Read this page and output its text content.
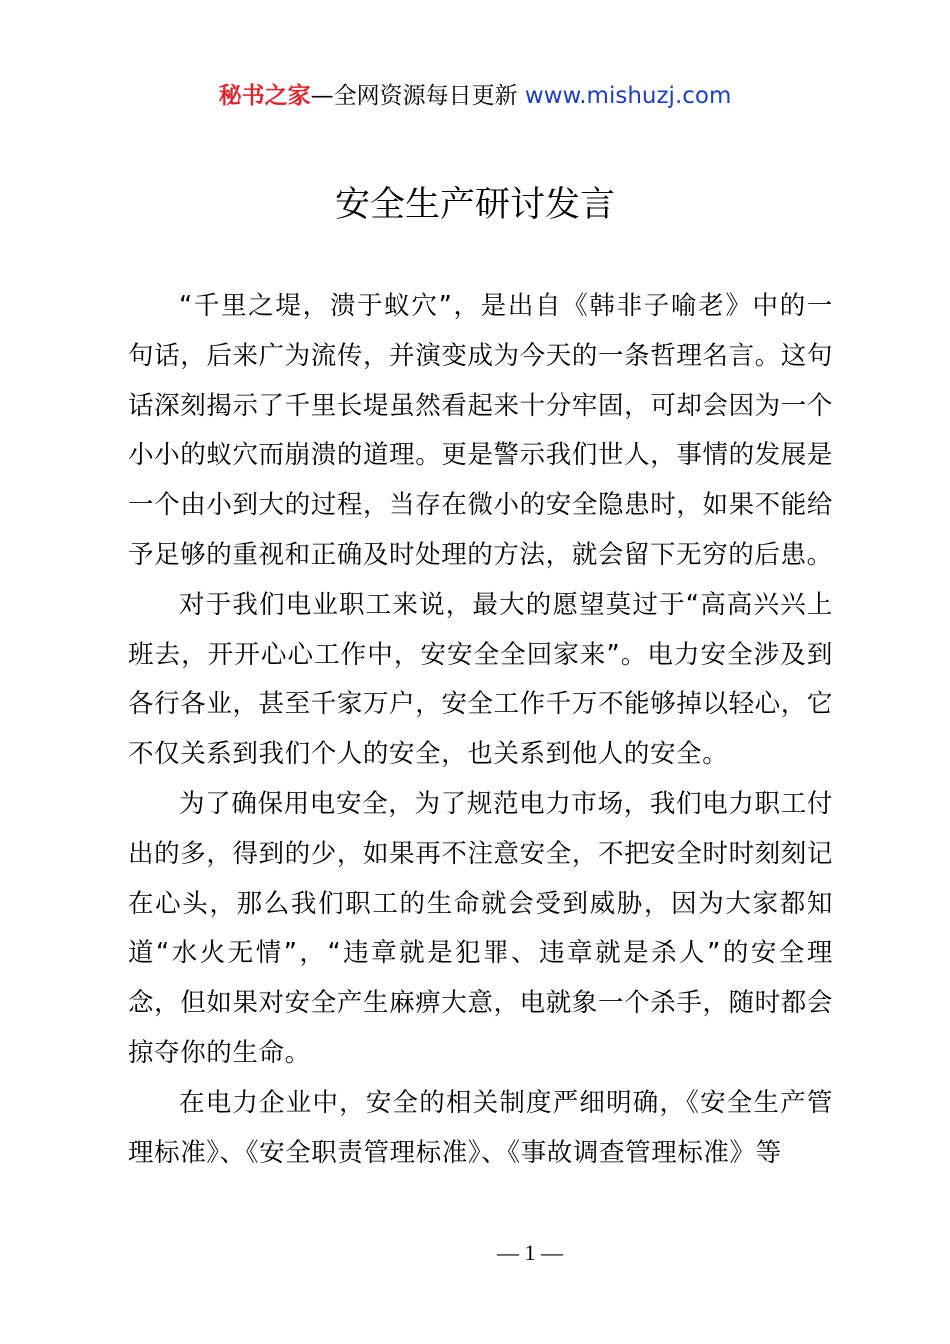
秘书之家—全网资源每日更新 www.mishuzj.com
安全生产研讨发言

“千里之堤，溃于蚁穴”，是出自《韩非子喻老》中的一句话，后来广为流传，并演变成为今天的一条哲理名言。这句话深刻揭示了千里长堤虽然看起来十分牢固，可却会因为一个小小的蚁穴而崩溃的道理。更是警示我们世人，事情的发展是一个由小到大的过程，当存在微小的安全隐患时，如果不能给予足够的重视和正确及时处理的方法，就会留下无穷的后患。

对于我们电业职工来说，最大的愿望莫过于“高高兴兴上班去，开开心心工作中，安安全全回家来”。电力安全涉及到各行各业，甚至千家万户，安全工作千万不能够掉以轻心，它不仅关系到我们个人的安全，也关系到他人的安全。

为了确保用电安全，为了规范电力市场，我们电力职工付出的多，得到的少，如果再不注意安全，不把安全时时刻刻记在心头，那么我们职工的生命就会受到威胁，因为大家都知道“水火无情”，“违章就是犯罪、违章就是杀人”的安全理念，但如果对安全产生麻痹大意，电就象一个杀手，随时都会掠夺你的生命。

在电力企业中，安全的相关制度严细明确，《安全生产管理标准》、《安全职责管理标准》、《事故调查管理标准》等

— 1 —
